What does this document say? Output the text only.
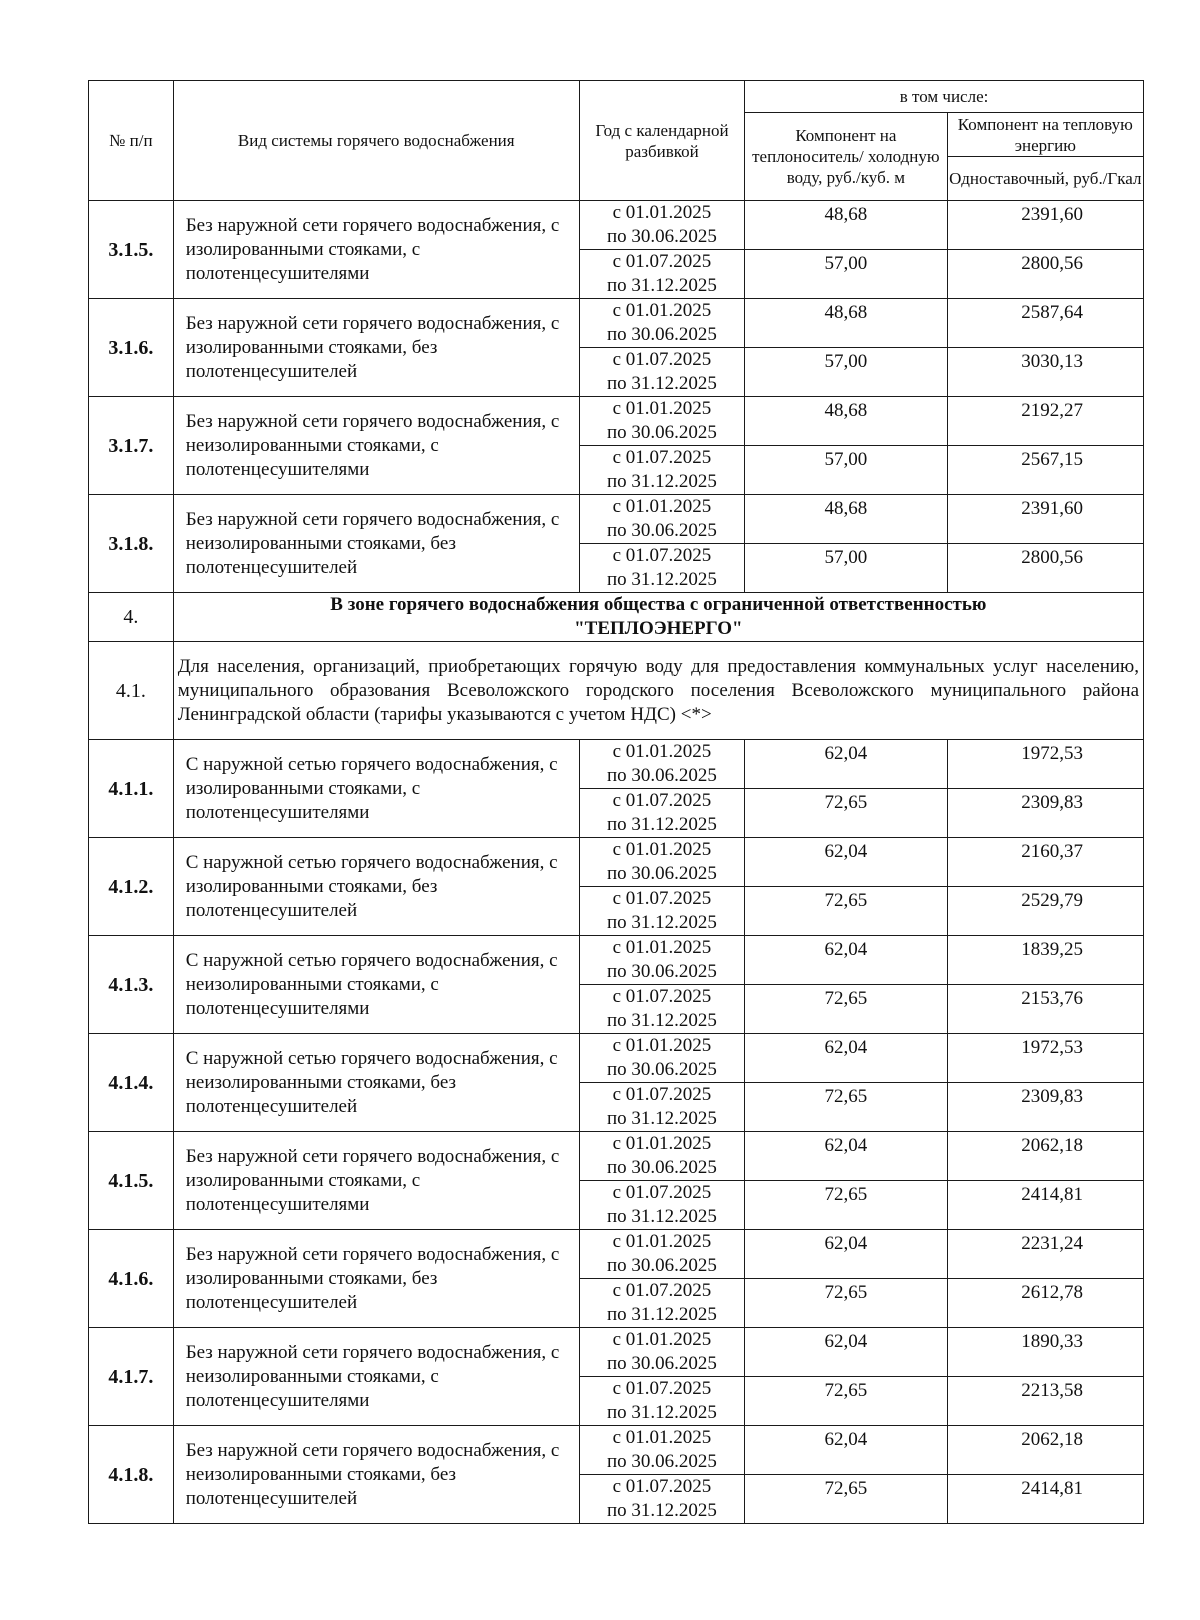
№ п/п	Вид системы горячего водоснабжения	Год с календарной разбивкой	в том числе:	
			Компонент на теплоноситель/ холодную воду, руб./куб. м	Компонент на тепловую энергию
				Одноставочный, руб./Гкал
3.1.5.	Без наружной сети горячего водоснабжения, с изолированными стояками, с полотенцесушителями	с 01.01.2025
по 30.06.2025	48,68	2391,60

		с 01.07.2025
по 31.12.2025	57,00	2800,56
3.1.6.	Без наружной сети горячего водоснабжения, с изолированными стояками, без полотенцесушителей	с 01.01.2025
по 30.06.2025	48,68	2587,64

		с 01.07.2025
по 31.12.2025	57,00	3030,13
3.1.7.	Без наружной сети горячего водоснабжения, с неизолированными стояками, с полотенцесушителями	с 01.01.2025
по 30.06.2025	48,68	2192,27

		с 01.07.2025
по 31.12.2025	57,00	2567,15
3.1.8.	Без наружной сети горячего водоснабжения, с неизолированными стояками, без полотенцесушителей	с 01.01.2025
по 30.06.2025	48,68	2391,60

		с 01.07.2025
по 31.12.2025	57,00	2800,56
4.	В зоне горячего водоснабжения общества с ограниченной ответственностью
"ТЕПЛОЭНЕРГО"			

4.1.	Для населения, организаций, приобретающих горячую воду для предоставления коммунальных услуг населению, муниципального образования Всеволожского городского поселения Всеволожского муниципального района Ленинградской области (тарифы указываются с учетом НДС) <*>			
4.1.1.	С наружной сетью горячего водоснабжения, с изолированными стояками, с полотенцесушителями	с 01.01.2025
по 30.06.2025	62,04	1972,53

		с 01.07.2025
по 31.12.2025	72,65	2309,83
4.1.2.	С наружной сетью горячего водоснабжения, с изолированными стояками, без полотенцесушителей	с 01.01.2025
по 30.06.2025	62,04	2160,37

		с 01.07.2025
по 31.12.2025	72,65	2529,79
4.1.3.	С наружной сетью горячего водоснабжения, с неизолированными стояками, с полотенцесушителями	с 01.01.2025
по 30.06.2025	62,04	1839,25

		с 01.07.2025
по 31.12.2025	72,65	2153,76
4.1.4.	С наружной сетью горячего водоснабжения, с неизолированными стояками, без полотенцесушителей	с 01.01.2025
по 30.06.2025	62,04	1972,53

		с 01.07.2025
по 31.12.2025	72,65	2309,83
4.1.5.	Без наружной сети горячего водоснабжения, с изолированными стояками, с полотенцесушителями	с 01.01.2025
по 30.06.2025	62,04	2062,18

		с 01.07.2025
по 31.12.2025	72,65	2414,81
4.1.6.	Без наружной сети горячего водоснабжения, с изолированными стояками, без полотенцесушителей	с 01.01.2025
по 30.06.2025	62,04	2231,24

		с 01.07.2025
по 31.12.2025	72,65	2612,78
4.1.7.	Без наружной сети горячего водоснабжения, с неизолированными стояками, с полотенцесушителями	с 01.01.2025
по 30.06.2025	62,04	1890,33

		с 01.07.2025
по 31.12.2025	72,65	2213,58
4.1.8.	Без наружной сети горячего водоснабжения, с неизолированными стояками, без полотенцесушителей	с 01.01.2025
по 30.06.2025	62,04	2062,18

		с 01.07.2025
по 31.12.2025	72,65	2414,81
